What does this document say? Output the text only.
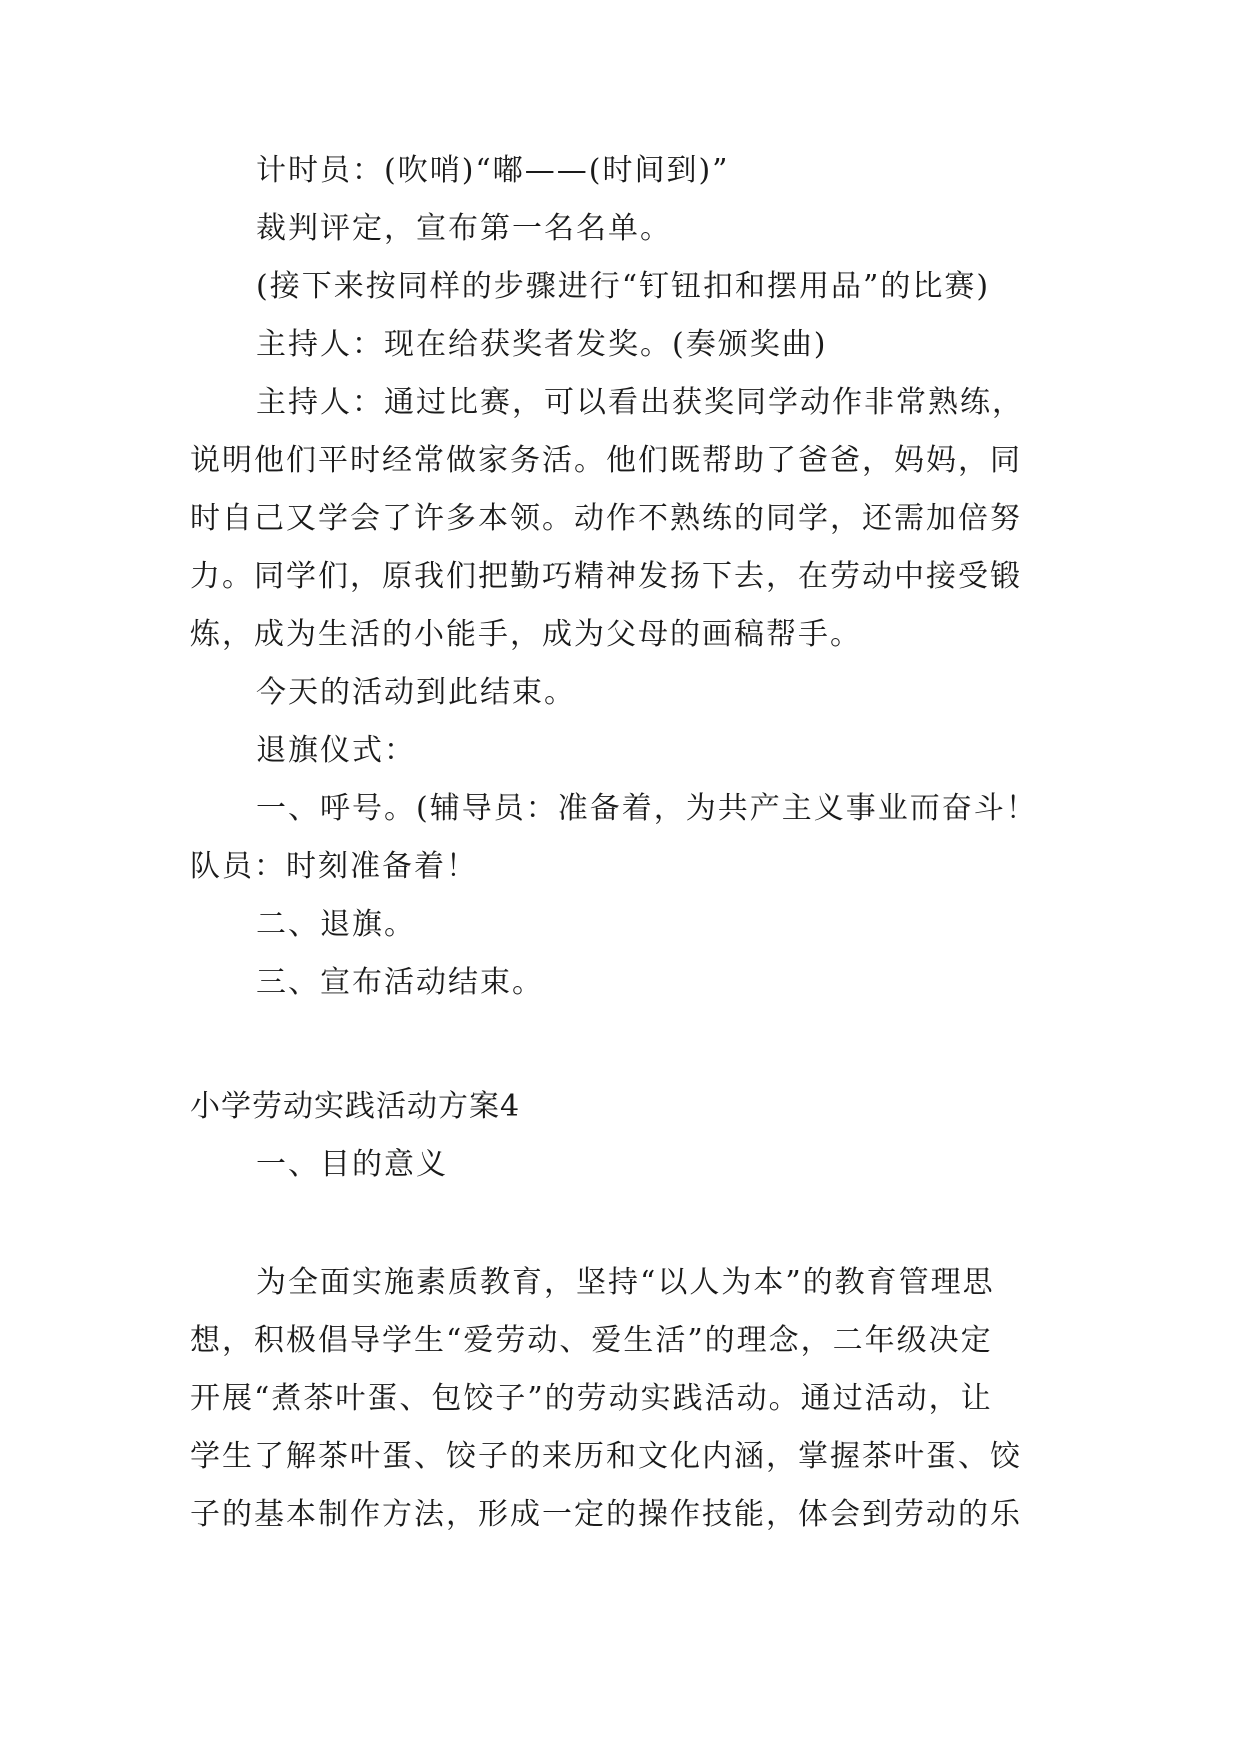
计时员：(吹哨)“嘟——(时间到)”
裁判评定，宣布第一名名单。
(接下来按同样的步骤进行“钉钮扣和摆用品”的比赛)
主持人：现在给获奖者发奖。(奏颁奖曲)
主持人：通过比赛，可以看出获奖同学动作非常熟练，
说明他们平时经常做家务活。他们既帮助了爸爸，妈妈，同
时自己又学会了许多本领。动作不熟练的同学，还需加倍努
力。同学们，原我们把勤巧精神发扬下去，在劳动中接受锻
炼，成为生活的小能手，成为父母的画稿帮手。
今天的活动到此结束。
退旗仪式：
一、呼号。(辅导员：准备着，为共产主义事业而奋斗！
队员：时刻准备着！
二、退旗。
三、宣布活动结束。
小学劳动实践活动方案4
一、目的意义
为全面实施素质教育，坚持“以人为本”的教育管理思
想，积极倡导学生“爱劳动、爱生活”的理念，二年级决定
开展“煮茶叶蛋、包饺子”的劳动实践活动。通过活动，让
学生了解茶叶蛋、饺子的来历和文化内涵，掌握茶叶蛋、饺
子的基本制作方法，形成一定的操作技能，体会到劳动的乐
